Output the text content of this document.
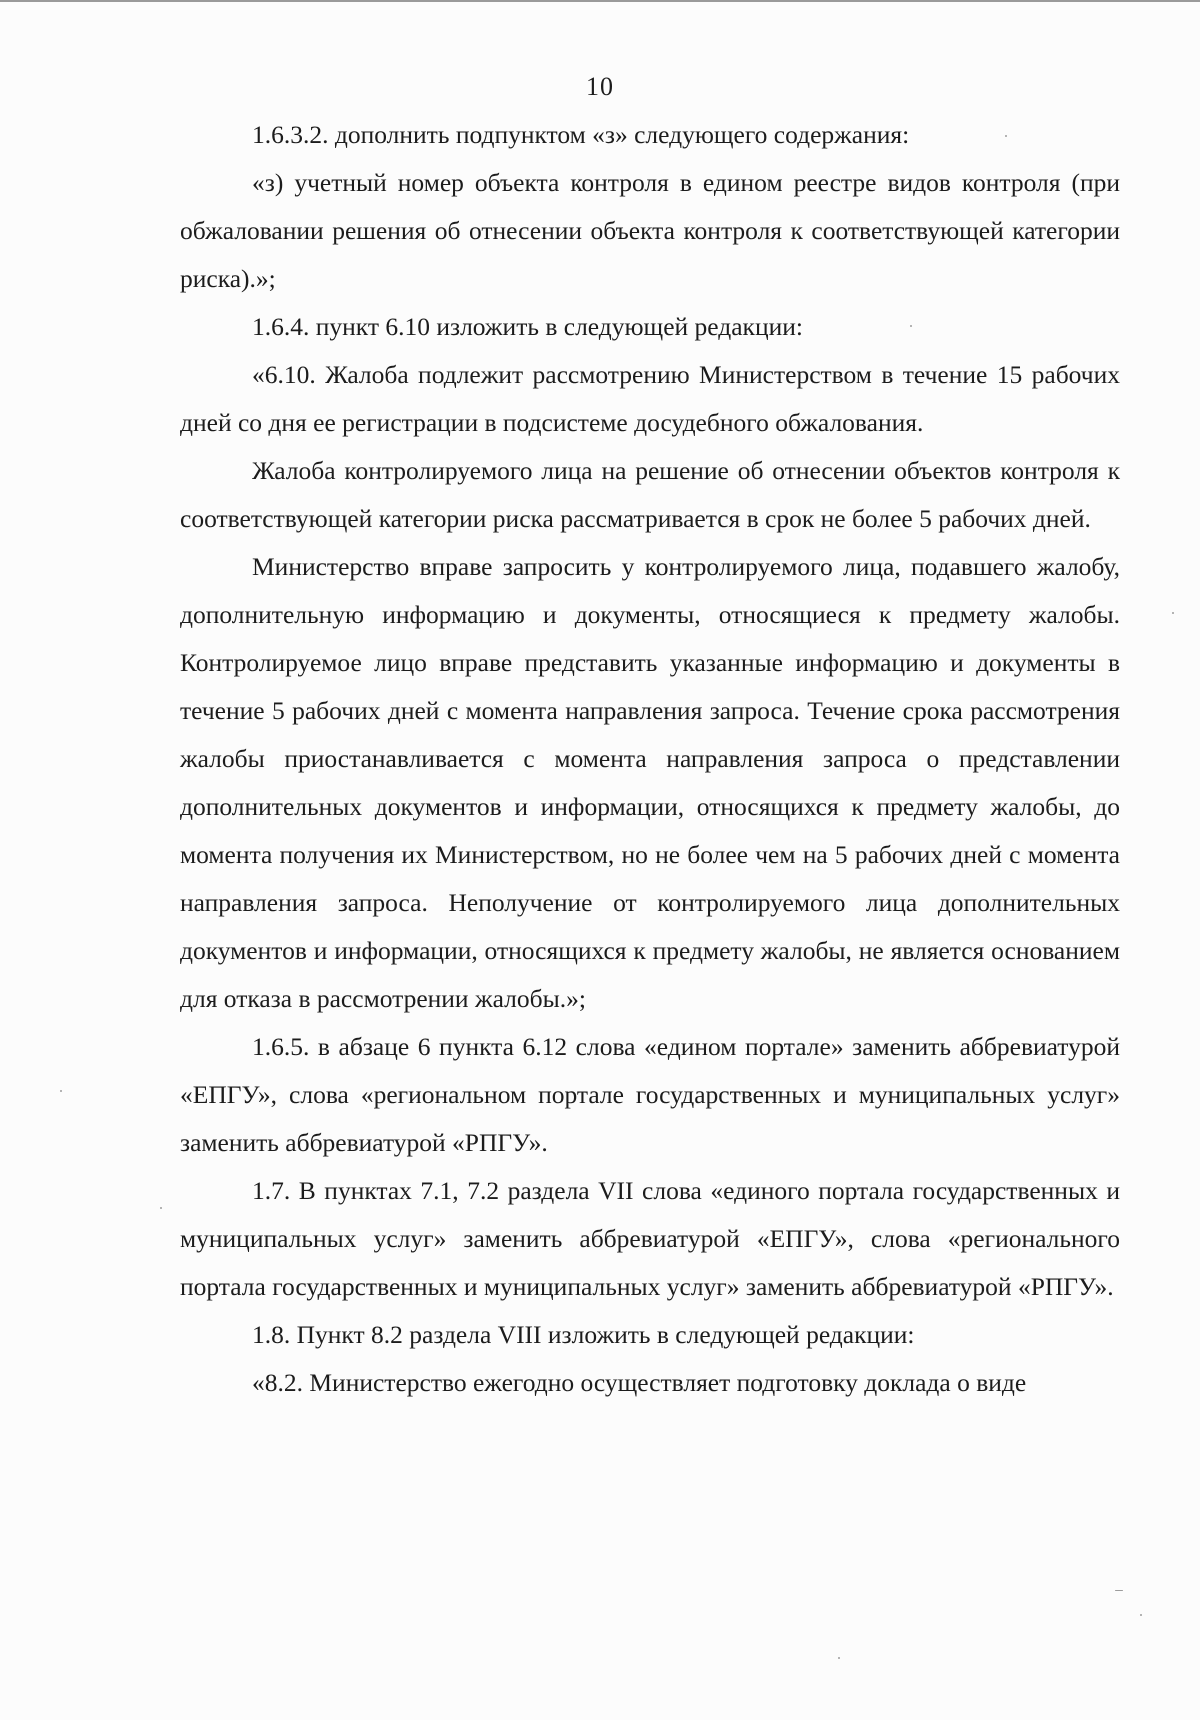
10

1.6.3.2. дополнить подпунктом «з» следующего содержания:

«з) учетный номер объекта контроля в едином реестре видов контроля (при обжаловании решения об отнесении объекта контроля к соответствующей категории риска).»;

1.6.4. пункт 6.10 изложить в следующей редакции:

«6.10. Жалоба подлежит рассмотрению Министерством в течение 15 рабочих дней со дня ее регистрации в подсистеме досудебного обжалования.

Жалоба контролируемого лица на решение об отнесении объектов контроля к соответствующей категории риска рассматривается в срок не более 5 рабочих дней.

Министерство вправе запросить у контролируемого лица, подавшего жалобу, дополнительную информацию и документы, относящиеся к предмету жалобы. Контролируемое лицо вправе представить указанные информацию и документы в течение 5 рабочих дней с момента направления запроса. Течение срока рассмотрения жалобы приостанавливается с момента направления запроса о представлении дополнительных документов и информации, относящихся к предмету жалобы, до момента получения их Министерством, но не более чем на 5 рабочих дней с момента направления запроса. Неполучение от контролируемого лица дополнительных документов и информации, относящихся к предмету жалобы, не является основанием для отказа в рассмотрении жалобы.»;

1.6.5. в абзаце 6 пункта 6.12 слова «едином портале» заменить аббревиатурой «ЕПГУ», слова «региональном портале государственных и муниципальных услуг» заменить аббревиатурой «РПГУ».

1.7. В пунктах 7.1, 7.2 раздела VII слова «единого портала государственных и муниципальных услуг» заменить аббревиатурой «ЕПГУ», слова «регионального портала государственных и муниципальных услуг» заменить аббревиатурой «РПГУ».

1.8. Пункт 8.2 раздела VIII изложить в следующей редакции:

«8.2. Министерство ежегодно осуществляет подготовку доклада о виде
